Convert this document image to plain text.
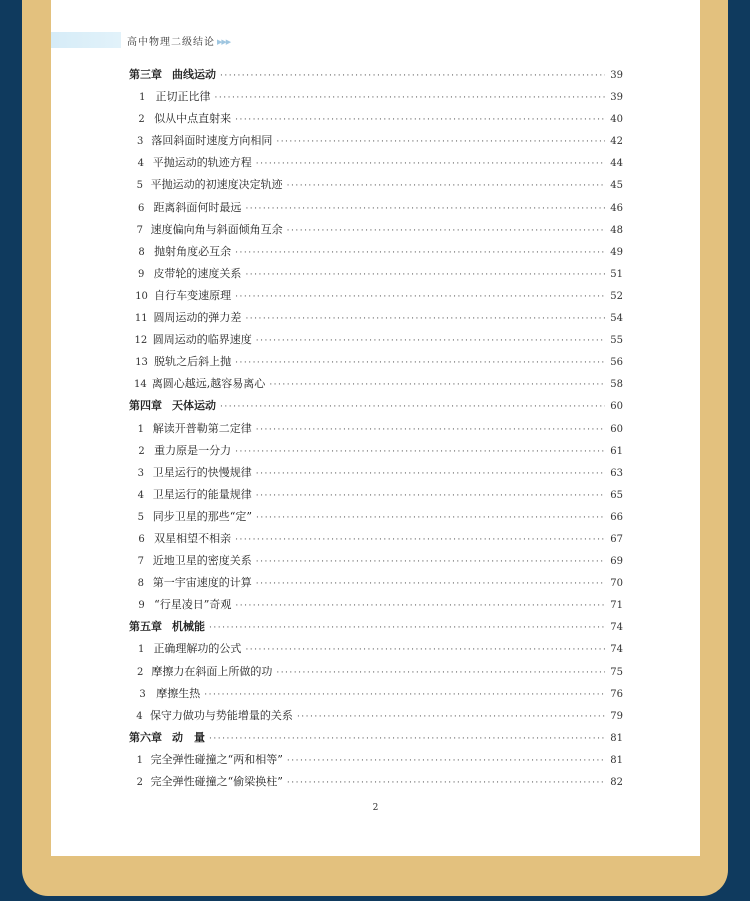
高中物理二级结论 ▶▶▶
第三章 曲线运动 ·····	39
1 正切正比律 ·····	39
2 似从中点直射来 ·····	40
3 落回斜面时速度方向相同 ·····	42
4 平抛运动的轨迹方程 ·····	44
5 平抛运动的初速度决定轨迹 ·····	45
6 距离斜面何时最远 ·····	46
7 速度偏向角与斜面倾角互余 ·····	48
8 抛射角度必互余 ·····	49
9 皮带轮的速度关系 ·····	51
10 自行车变速原理 ·····	52
11 圆周运动的弹力差 ·····	54
12 圆周运动的临界速度 ·····	55
13 脱轨之后斜上抛 ·····	56
14 离圆心越远,越容易离心 ·····	58
第四章 天体运动 ·····	60
1 解读开普勒第二定律 ·····	60
2 重力原是一分力 ·····	61
3 卫星运行的快慢规律 ·····	63
4 卫星运行的能量规律 ·····	65
5 同步卫星的那些“定” ·····	66
6 双星相望不相亲 ·····	67
7 近地卫星的密度关系 ·····	69
8 第一宇宙速度的计算 ·····	70
9 “行星凌日”奇观 ·····	71
第五章 机械能 ·····	74
1 正确理解功的公式 ·····	74
2 摩擦力在斜面上所做的功 ·····	75
3 摩擦生热 ·····	76
4 保守力做功与势能增量的关系 ·····	79
第六章 动　量 ·····	81
1 完全弹性碰撞之“两和相等” ·····	81
2 完全弹性碰撞之“偷梁换柱” ·····	82
2
